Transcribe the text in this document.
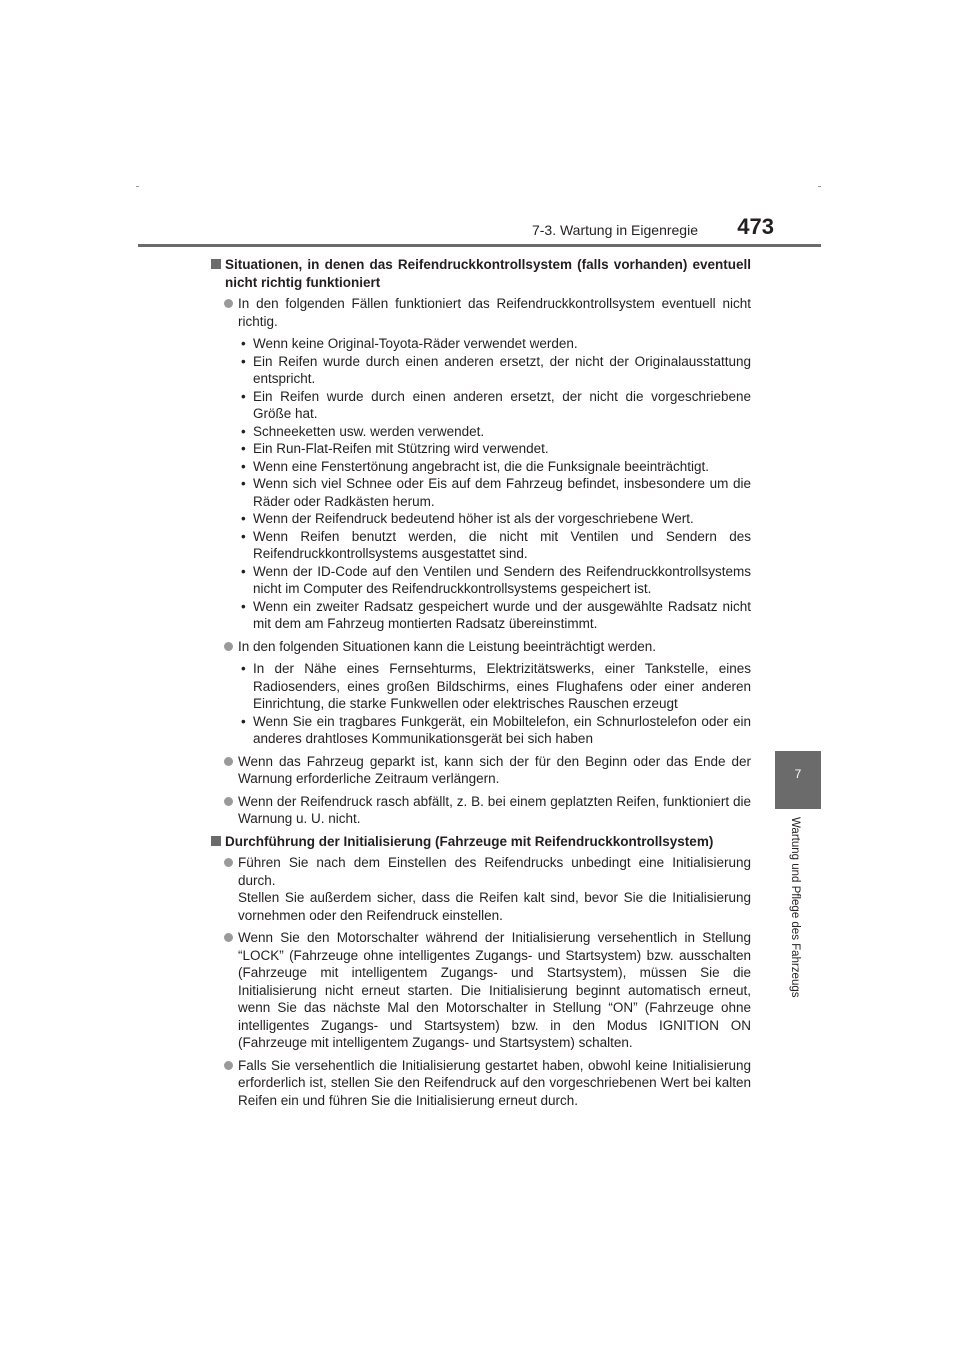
7-3. Wartung in Eigenregie 473
7
Wartung und Pflege des Fahrzeugs
Situationen, in denen das Reifendruckkontrollsystem (falls vorhanden) eventuell nicht richtig funktioniert

In den folgenden Fällen funktioniert das Reifendruckkontrollsystem eventuell nicht richtig.

• Wenn keine Original-Toyota-Räder verwendet werden.
• Ein Reifen wurde durch einen anderen ersetzt, der nicht der Originalausstattung entspricht.
• Ein Reifen wurde durch einen anderen ersetzt, der nicht die vorgeschriebene Größe hat.
• Schneeketten usw. werden verwendet.
• Ein Run-Flat-Reifen mit Stützring wird verwendet.
• Wenn eine Fenstertönung angebracht ist, die die Funksignale beeinträchtigt.
• Wenn sich viel Schnee oder Eis auf dem Fahrzeug befindet, insbesondere um die Räder oder Radkästen herum.
• Wenn der Reifendruck bedeutend höher ist als der vorgeschriebene Wert.
• Wenn Reifen benutzt werden, die nicht mit Ventilen und Sendern des Reifendruckkontrollsystems ausgestattet sind.
• Wenn der ID-Code auf den Ventilen und Sendern des Reifendruckkontrollsystems nicht im Computer des Reifendruckkontrollsystems gespeichert ist.
• Wenn ein zweiter Radsatz gespeichert wurde und der ausgewählte Radsatz nicht mit dem am Fahrzeug montierten Radsatz übereinstimmt.

In den folgenden Situationen kann die Leistung beeinträchtigt werden.

• In der Nähe eines Fernsehturms, Elektrizitätswerks, einer Tankstelle, eines Radiosenders, eines großen Bildschirms, eines Flughafens oder einer anderen Einrichtung, die starke Funkwellen oder elektrisches Rauschen erzeugt
• Wenn Sie ein tragbares Funkgerät, ein Mobiltelefon, ein Schnurlostelefon oder ein anderes drahtloses Kommunikationsgerät bei sich haben

Wenn das Fahrzeug geparkt ist, kann sich der für den Beginn oder das Ende der Warnung erforderliche Zeitraum verlängern.

Wenn der Reifendruck rasch abfällt, z. B. bei einem geplatzten Reifen, funktioniert die Warnung u. U. nicht.

Durchführung der Initialisierung (Fahrzeuge mit Reifendruckkontrollsystem)

Führen Sie nach dem Einstellen des Reifendrucks unbedingt eine Initialisierung durch.

Stellen Sie außerdem sicher, dass die Reifen kalt sind, bevor Sie die Initialisierung vornehmen oder den Reifendruck einstellen.

Wenn Sie den Motorschalter während der Initialisierung versehentlich in Stellung “LOCK” (Fahrzeuge ohne intelligentes Zugangs- und Startsystem) bzw. ausschalten (Fahrzeuge mit intelligentem Zugangs- und Startsystem), müssen Sie die Initialisierung nicht erneut starten. Die Initialisierung beginnt automatisch erneut, wenn Sie das nächste Mal den Motorschalter in Stellung “ON” (Fahrzeuge ohne intelligentes Zugangs- und Startsystem) bzw. in den Modus IGNITION ON (Fahrzeuge mit intelligentem Zugangs- und Startsystem) schalten.

Falls Sie versehentlich die Initialisierung gestartet haben, obwohl keine Initialisierung erforderlich ist, stellen Sie den Reifendruck auf den vorgeschriebenen Wert bei kalten Reifen ein und führen Sie die Initialisierung erneut durch.
